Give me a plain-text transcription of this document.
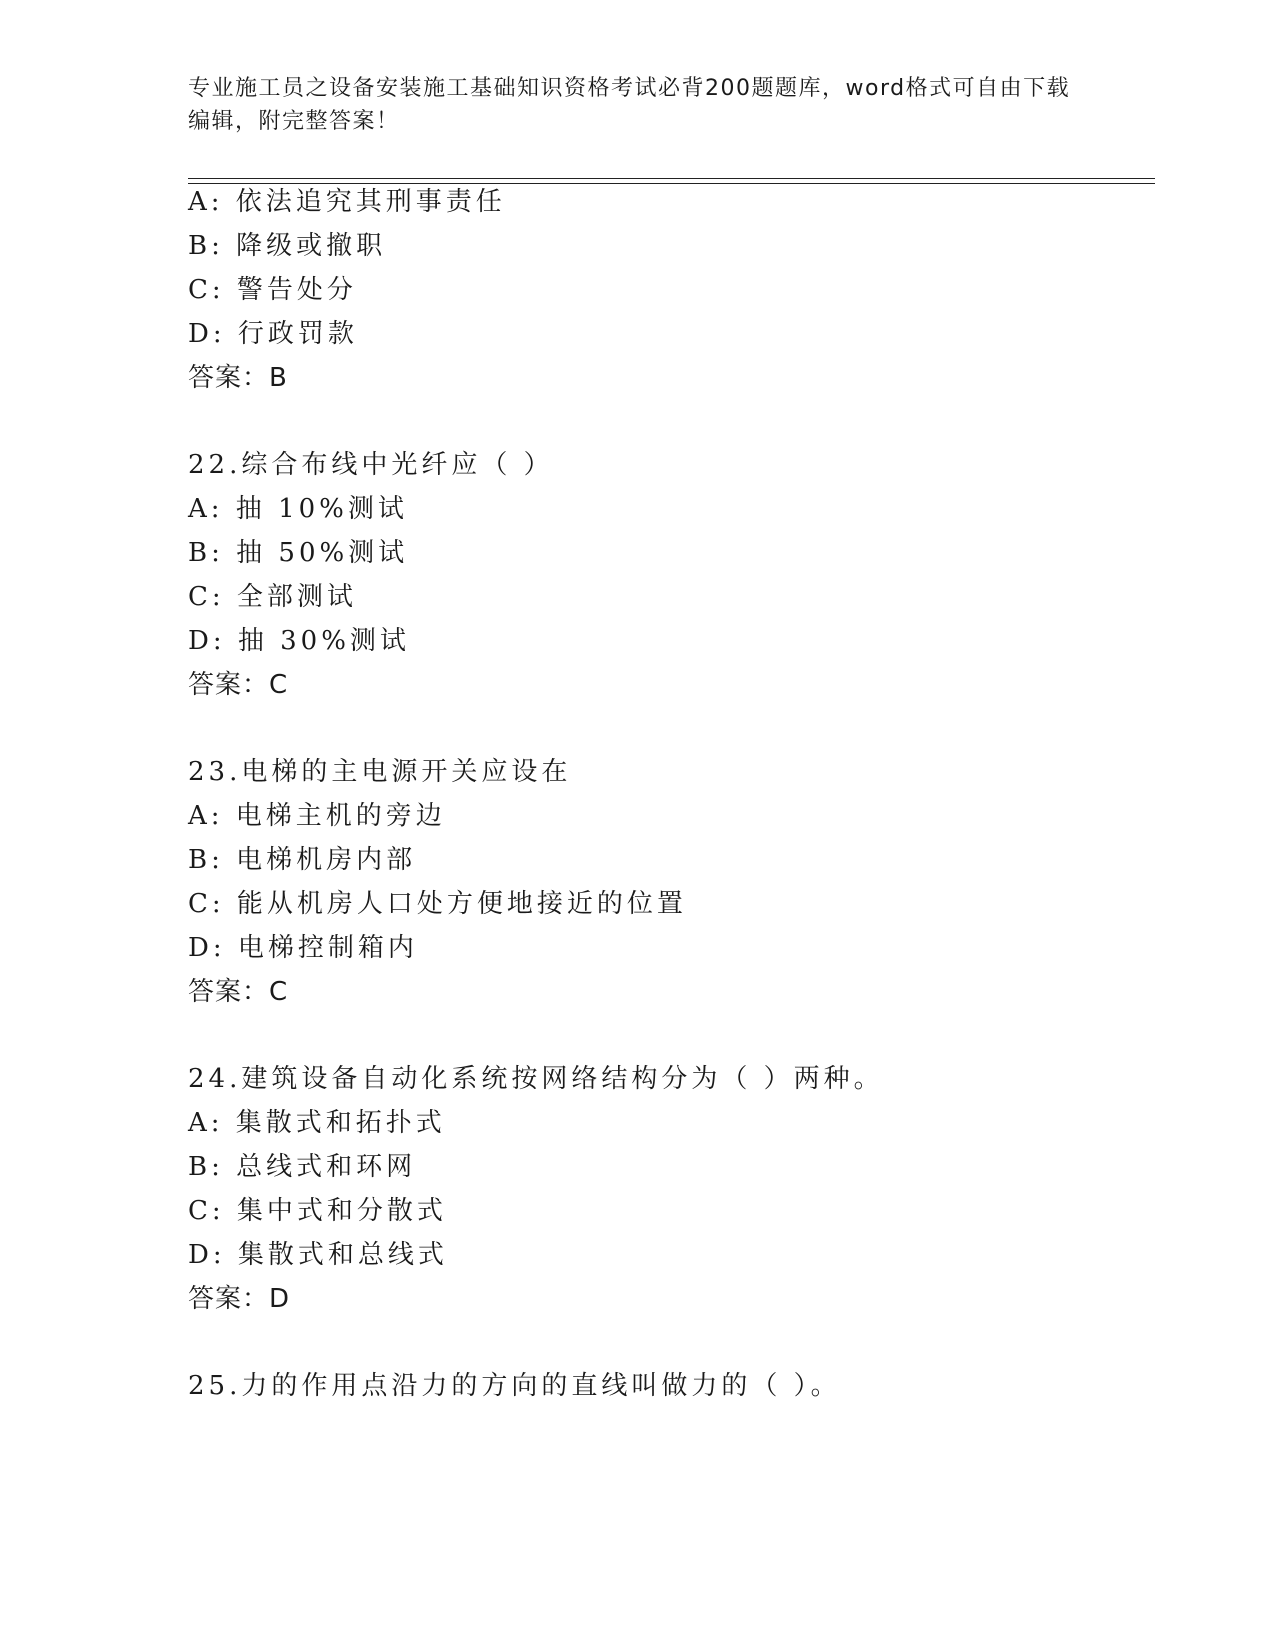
专业施工员之设备安装施工基础知识资格考试必背200题题库，word格式可自由下载编辑，附完整答案！
A: 依法追究其刑事责任
B: 降级或撤职
C: 警告处分
D: 行政罚款
答案：B
22.综合布线中光纤应（ ）
A: 抽 10%测试
B: 抽 50%测试
C: 全部测试
D: 抽 30%测试
答案：C
23.电梯的主电源开关应设在
A: 电梯主机的旁边
B: 电梯机房内部
C: 能从机房人口处方便地接近的位置
D: 电梯控制箱内
答案：C
24.建筑设备自动化系统按网络结构分为（ ）两种。
A: 集散式和拓扑式
B: 总线式和环网
C: 集中式和分散式
D: 集散式和总线式
答案：D
25.力的作用点沿力的方向的直线叫做力的（ ）。
